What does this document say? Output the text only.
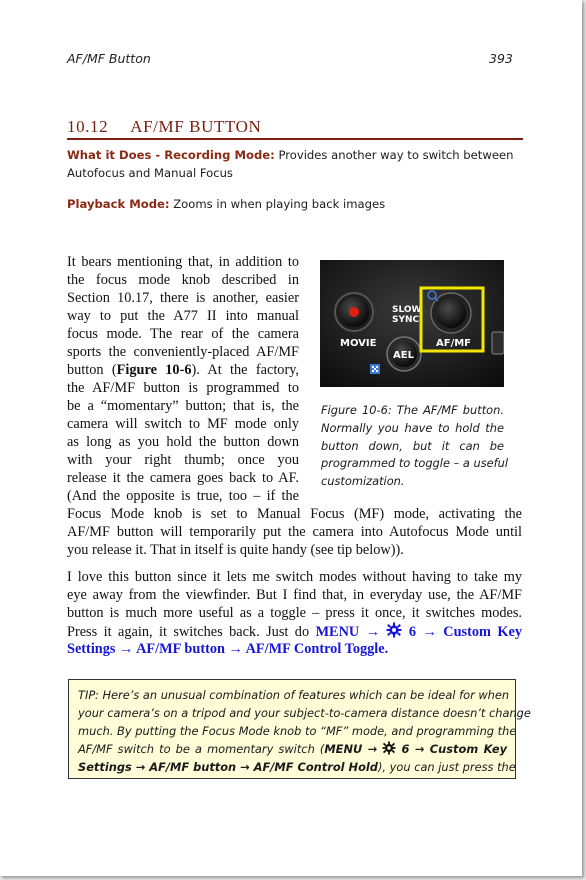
AF/MF Button	393
10.12 AF/MF BUTTON
What it Does - Recording Mode: Provides another way to switch between
Autofocus and Manual Focus
Playback Mode: Zooms in when playing back images
It bears mentioning that, in addition to
the focus mode knob described in
Section 10.17, there is another, easier
way to put the A77 II into manual
focus mode. The rear of the camera
sports the conveniently-placed AF/MF
button (Figure 10-6). At the factory,
the AF/MF button is programmed to
be a “momentary” button; that is, the
camera will switch to MF mode only
as long as you hold the button down
with your right thumb; once you
release it the camera goes back to AF.
(And the opposite is true, too – if the
Focus Mode knob is set to Manual Focus (MF) mode, activating the
AF/MF button will temporarily put the camera into Autofocus Mode until
you release it. That in itself is quite handy (see tip below)).
MOVIE
SLOW
SYNC
AEL
AF/MF
Figure 10-6: The AF/MF button.
Normally you have to hold the
button down, but it can be
programmed to toggle – a useful
customization.
I love this button since it lets me switch modes without having to take my
eye away from the viewfinder. But I find that, in everyday use, the AF/MF
button is much more useful as a toggle – press it once, it switches modes.
Press it again, it switches back. Just do MENU → 6 → Custom Key
Settings → AF/MF button → AF/MF Control Toggle.
TIP: Here’s an unusual combination of features which can be ideal for when
your camera’s on a tripod and your subject-to-camera distance doesn’t change
much. By putting the Focus Mode knob to “MF” mode, and programming the
AF/MF switch to be a momentary switch (MENU → 6 → Custom Key
Settings → AF/MF button → AF/MF Control Hold), you can just press the
